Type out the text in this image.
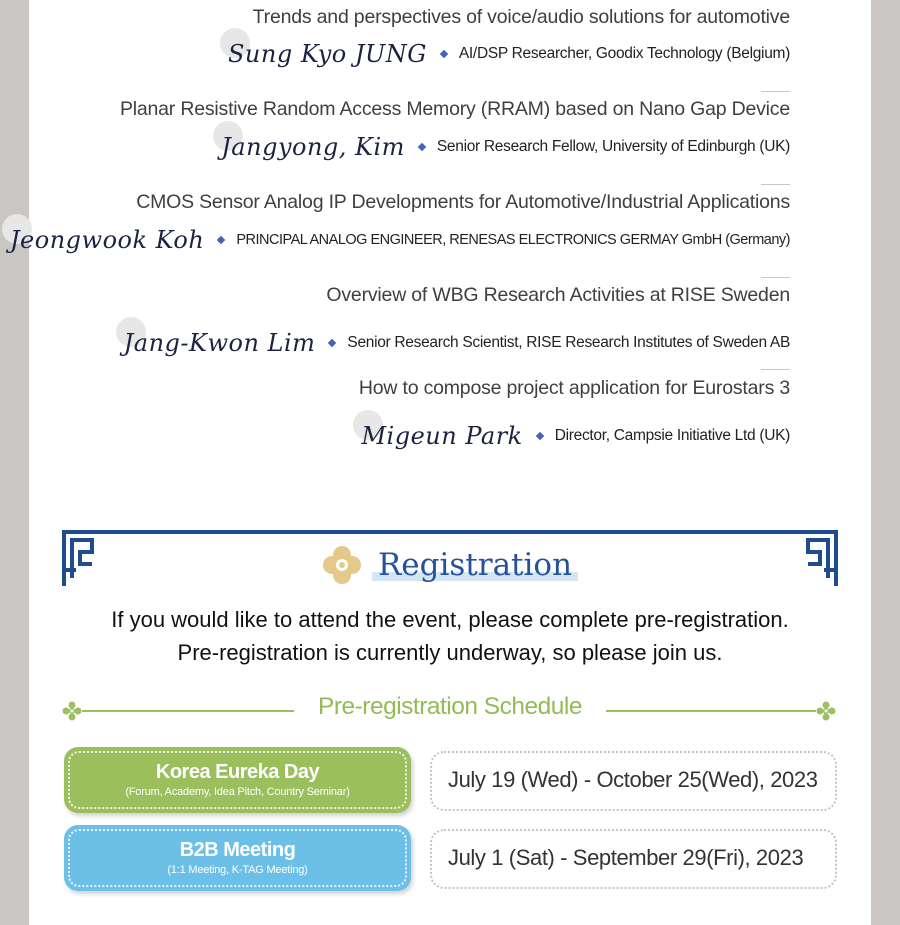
Trends and perspectives of voice/audio solutions for automotive
Sung Kyo JUNG AI/DSP Researcher, Goodix Technology (Belgium)
Planar Resistive Random Access Memory (RRAM) based on Nano Gap Device
Jangyong, Kim Senior Research Fellow, University of Edinburgh (UK)
CMOS Sensor Analog IP Developments for Automotive/Industrial Applications
Jeongwook Koh PRINCIPAL ANALOG ENGINEER, RENESAS ELECTRONICS GERMAY GmbH (Germany)
Overview of WBG Research Activities at RISE Sweden
Jang-Kwon Lim Senior Research Scientist, RISE Research Institutes of Sweden AB
How to compose project application for Eurostars 3
Migeun Park Director, Campsie Initiative Ltd (UK)
Registration
If you would like to attend the event, please complete pre-registration. Pre-registration is currently underway, so please join us.
Pre-registration Schedule
Korea Eureka Day
(Forum, Academy, Idea Pitch, Country Seminar)	July 19 (Wed) - October 25(Wed), 2023
B2B Meeting
(1:1 Meeting, K-TAG Meeting)	July 1 (Sat) - September 29(Fri), 2023
